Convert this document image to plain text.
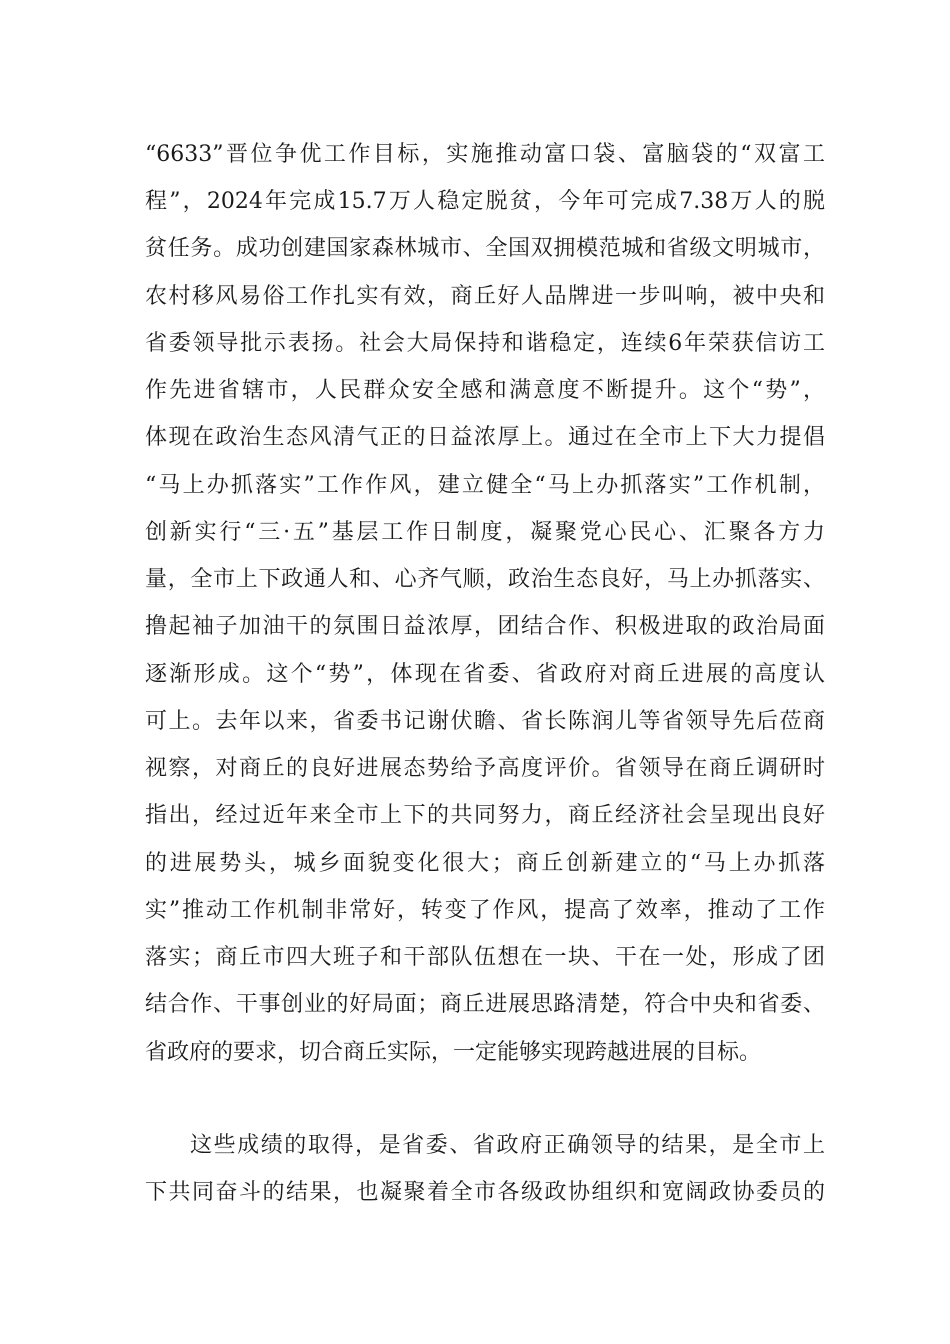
“6633”晋位争优工作目标，实施推动富口袋、富脑袋的“双富工
程”，2024年完成15.7万人稳定脱贫，今年可完成7.38万人的脱
贫任务。成功创建国家森林城市、全国双拥模范城和省级文明城市，
农村移风易俗工作扎实有效，商丘好人品牌进一步叫响，被中央和
省委领导批示表扬。社会大局保持和谐稳定，连续6年荣获信访工
作先进省辖市，人民群众安全感和满意度不断提升。这个“势”，
体现在政治生态风清气正的日益浓厚上。通过在全市上下大力提倡
“马上办抓落实”工作作风，建立健全“马上办抓落实”工作机制，
创新实行“三·五”基层工作日制度，凝聚党心民心、汇聚各方力
量，全市上下政通人和、心齐气顺，政治生态良好，马上办抓落实、
撸起袖子加油干的氛围日益浓厚，团结合作、积极进取的政治局面
逐渐形成。这个“势”，体现在省委、省政府对商丘进展的高度认
可上。去年以来，省委书记谢伏瞻、省长陈润儿等省领导先后莅商
视察，对商丘的良好进展态势给予高度评价。省领导在商丘调研时
指出，经过近年来全市上下的共同努力，商丘经济社会呈现出良好
的进展势头，城乡面貌变化很大；商丘创新建立的“马上办抓落
实”推动工作机制非常好，转变了作风，提高了效率，推动了工作
落实；商丘市四大班子和干部队伍想在一块、干在一处，形成了团
结合作、干事创业的好局面；商丘进展思路清楚，符合中央和省委、
省政府的要求，切合商丘实际，一定能够实现跨越进展的目标。
这些成绩的取得，是省委、省政府正确领导的结果，是全市上
下共同奋斗的结果，也凝聚着全市各级政协组织和宽阔政协委员的
